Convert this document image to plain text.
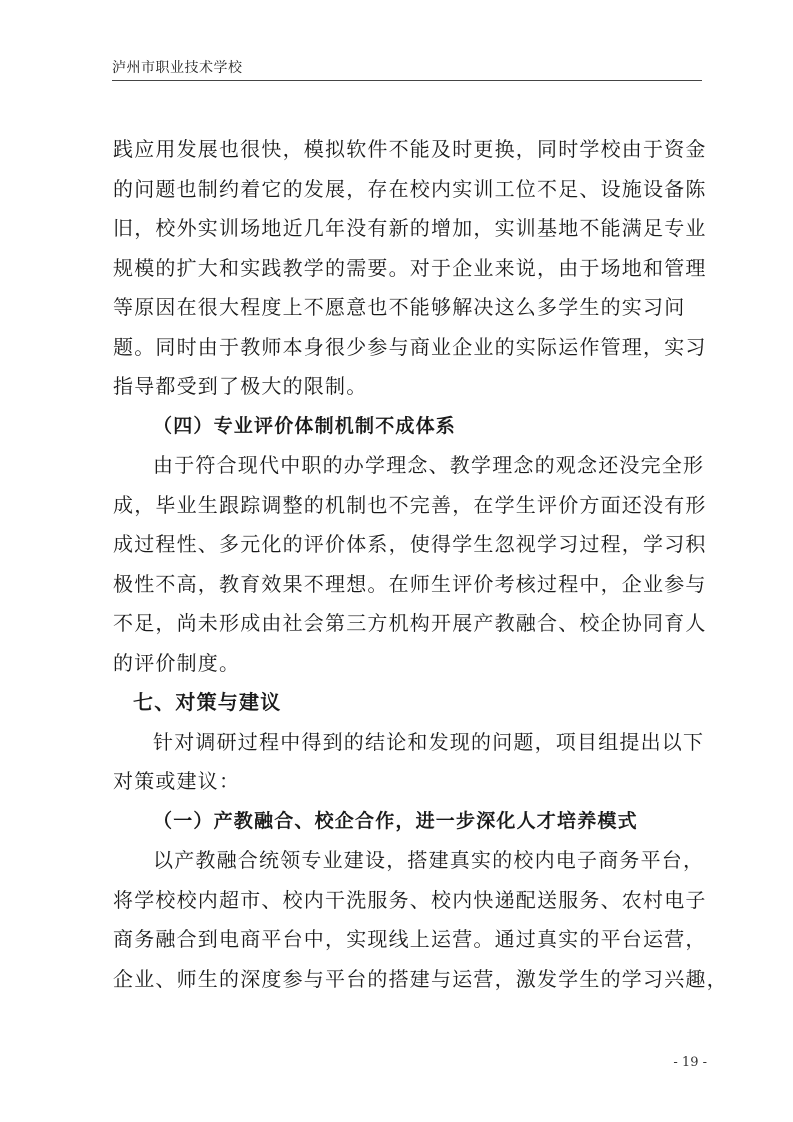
泸州市职业技术学校
践应用发展也很快，模拟软件不能及时更换，同时学校由于资金
的问题也制约着它的发展，存在校内实训工位不足、设施设备陈
旧，校外实训场地近几年没有新的增加，实训基地不能满足专业
规模的扩大和实践教学的需要。对于企业来说，由于场地和管理
等原因在很大程度上不愿意也不能够解决这么多学生的实习问
题。同时由于教师本身很少参与商业企业的实际运作管理，实习
指导都受到了极大的限制。
（四）专业评价体制机制不成体系
由于符合现代中职的办学理念、教学理念的观念还没完全形
成，毕业生跟踪调整的机制也不完善，在学生评价方面还没有形
成过程性、多元化的评价体系，使得学生忽视学习过程，学习积
极性不高，教育效果不理想。在师生评价考核过程中，企业参与
不足，尚未形成由社会第三方机构开展产教融合、校企协同育人
的评价制度。
七、对策与建议
针对调研过程中得到的结论和发现的问题，项目组提出以下
对策或建议：
（一）产教融合、校企合作，进一步深化人才培养模式
以产教融合统领专业建设，搭建真实的校内电子商务平台，
将学校校内超市、校内干洗服务、校内快递配送服务、农村电子
商务融合到电商平台中，实现线上运营。通过真实的平台运营，
企业、师生的深度参与平台的搭建与运营，激发学生的学习兴趣，
- 19 -
